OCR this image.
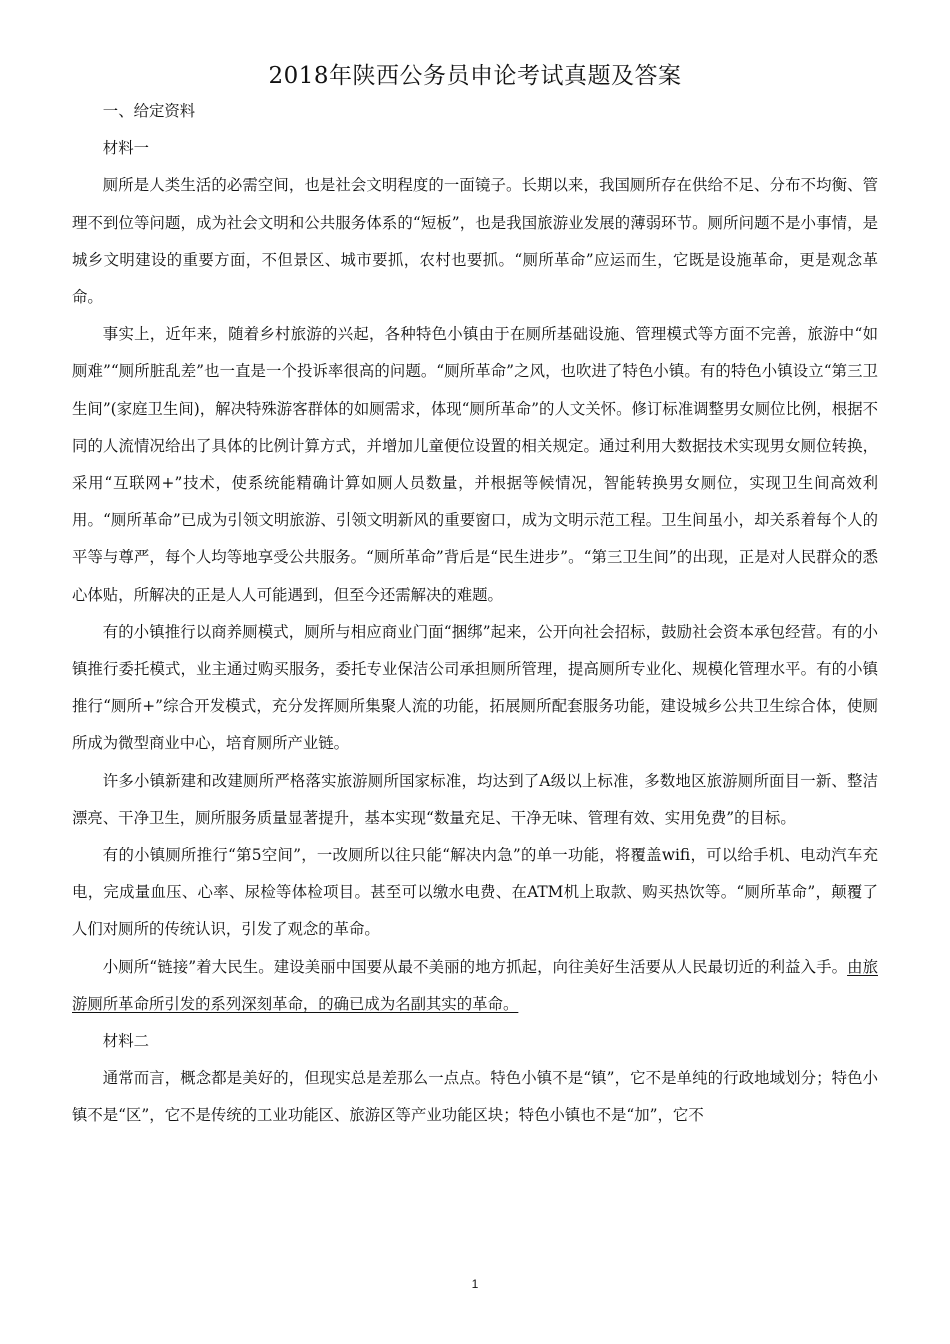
2018年陕西公务员申论考试真题及答案

一、给定资料

材料一

厕所是人类生活的必需空间，也是社会文明程度的一面镜子。长期以来，我国厕所存在供给不足、分布不均衡、管理不到位等问题，成为社会文明和公共服务体系的“短板”，也是我国旅游业发展的薄弱环节。厕所问题不是小事情，是城乡文明建设的重要方面，不但景区、城市要抓，农村也要抓。“厕所革命”应运而生，它既是设施革命，更是观念革命。

事实上，近年来，随着乡村旅游的兴起，各种特色小镇由于在厕所基础设施、管理模式等方面不完善，旅游中“如厕难”“厕所脏乱差”也一直是一个投诉率很高的问题。“厕所革命”之风，也吹进了特色小镇。有的特色小镇设立“第三卫生间”(家庭卫生间)，解决特殊游客群体的如厕需求，体现“厕所革命”的人文关怀。修订标准调整男女厕位比例，根据不同的人流情况给出了具体的比例计算方式，并增加儿童便位设置的相关规定。通过利用大数据技术实现男女厕位转换，采用“互联网+”技术，使系统能精确计算如厕人员数量，并根据等候情况，智能转换男女厕位，实现卫生间高效利用。“厕所革命”已成为引领文明旅游、引领文明新风的重要窗口，成为文明示范工程。卫生间虽小，却关系着每个人的平等与尊严，每个人均等地享受公共服务。“厕所革命”背后是“民生进步”。“第三卫生间”的出现，正是对人民群众的悉心体贴，所解决的正是人人可能遇到，但至今还需解决的难题。

有的小镇推行以商养厕模式，厕所与相应商业门面“捆绑”起来，公开向社会招标，鼓励社会资本承包经营。有的小镇推行委托模式，业主通过购买服务，委托专业保洁公司承担厕所管理，提高厕所专业化、规模化管理水平。有的小镇推行“厕所+”综合开发模式，充分发挥厕所集聚人流的功能，拓展厕所配套服务功能，建设城乡公共卫生综合体，使厕所成为微型商业中心，培育厕所产业链。

许多小镇新建和改建厕所严格落实旅游厕所国家标准，均达到了A级以上标准，多数地区旅游厕所面目一新、整洁漂亮、干净卫生，厕所服务质量显著提升，基本实现“数量充足、干净无味、管理有效、实用免费”的目标。

有的小镇厕所推行“第5空间”，一改厕所以往只能“解决内急”的单一功能，将覆盖wifi，可以给手机、电动汽车充电，完成量血压、心率、尿检等体检项目。甚至可以缴水电费、在ATM机上取款、购买热饮等。“厕所革命”，颠覆了人们对厕所的传统认识，引发了观念的革命。

小厕所“链接”着大民生。建设美丽中国要从最不美丽的地方抓起，向往美好生活要从人民最切近的利益入手。由旅游厕所革命所引发的系列深刻革命，的确已成为名副其实的革命。

材料二

通常而言，概念都是美好的，但现实总是差那么一点点。特色小镇不是“镇”，它不是单纯的行政地域划分；特色小镇不是“区”，它不是传统的工业功能区、旅游区等产业功能区块；特色小镇也不是“加”，它不

1
